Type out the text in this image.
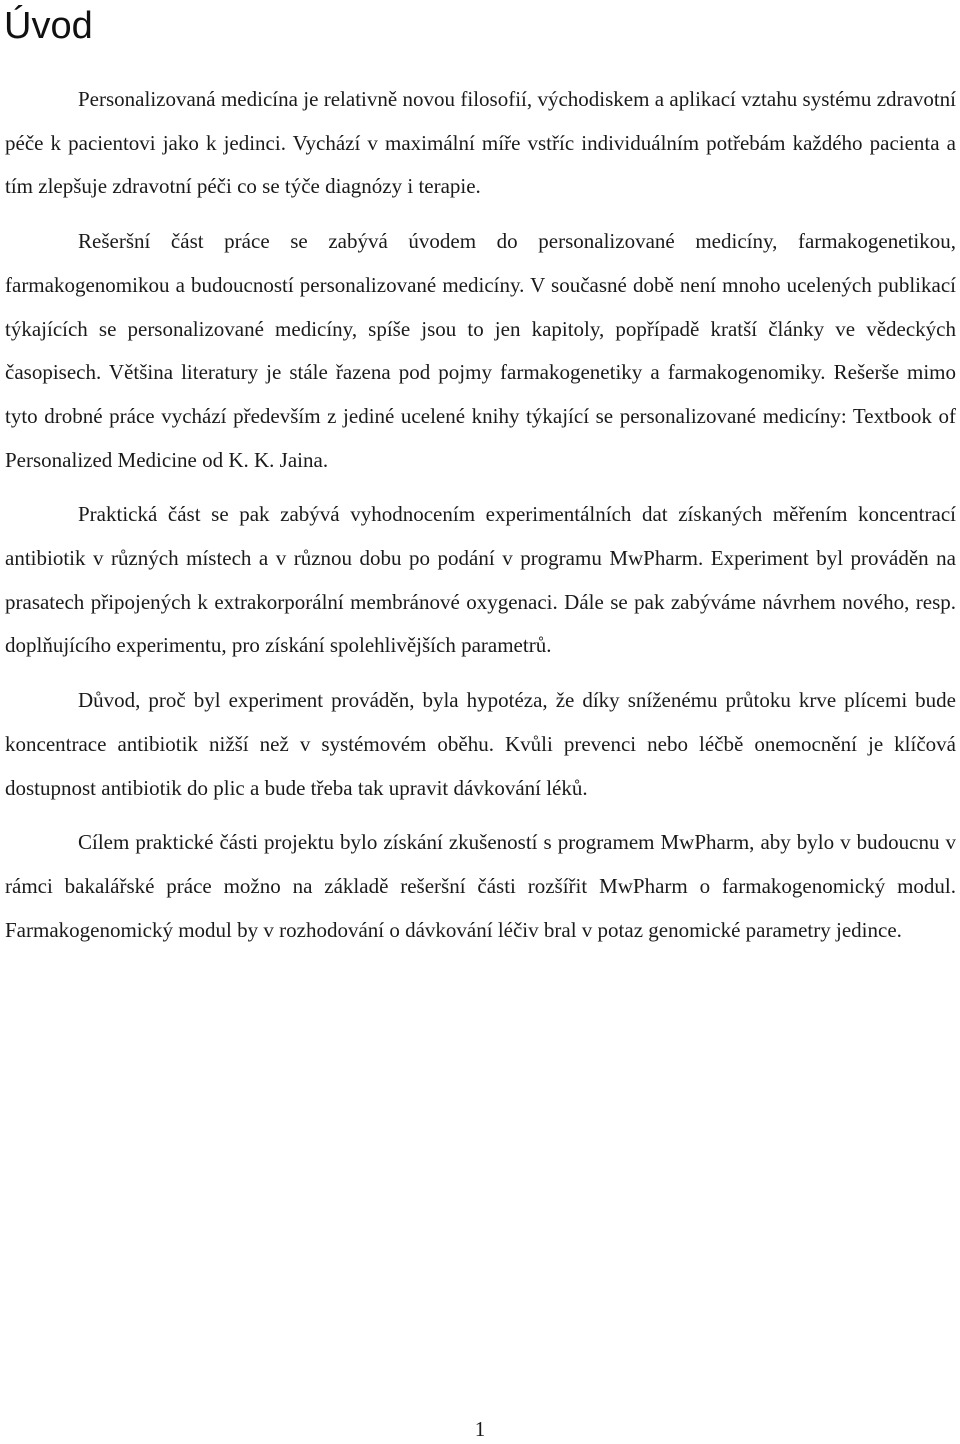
Úvod

Personalizovaná medicína je relativně novou filosofií, východiskem a aplikací vztahu systému zdravotní péče k pacientovi jako k jedinci. Vychází v maximální míře vstříc individuálním potřebám každého pacienta a tím zlepšuje zdravotní péči co se týče diagnózy i terapie.

Rešeršní část práce se zabývá úvodem do personalizované medicíny, farmakogenetikou, farmakogenomikou a budoucností personalizované medicíny. V současné době není mnoho ucelených publikací týkajících se personalizované medicíny, spíše jsou to jen kapitoly, popřípadě kratší články ve vědeckých časopisech. Většina literatury je stále řazena pod pojmy farmakogenetiky a farmakogenomiky. Rešerše mimo tyto drobné práce vychází především z jediné ucelené knihy týkající se personalizované medicíny: Textbook of Personalized Medicine od K. K. Jaina.

Praktická část se pak zabývá vyhodnocením experimentálních dat získaných měřením koncentrací antibiotik v různých místech a v různou dobu po podání v programu MwPharm. Experiment byl prováděn na prasatech připojených k extrakorporální membránové oxygenaci. Dále se pak zabýváme návrhem nového, resp. doplňujícího experimentu, pro získání spolehlivějších parametrů.

Důvod, proč byl experiment prováděn, byla hypotéza, že díky sníženému průtoku krve plícemi bude koncentrace antibiotik nižší než v systémovém oběhu. Kvůli prevenci nebo léčbě onemocnění je klíčová dostupnost antibiotik do plic a bude třeba tak upravit dávkování léků.

Cílem praktické části projektu bylo získání zkušeností s programem MwPharm, aby bylo v budoucnu v rámci bakalářské práce možno na základě rešeršní části rozšířit MwPharm o farmakogenomický modul. Farmakogenomický modul by v rozhodování o dávkování léčiv bral v potaz genomické parametry jedince.

1
